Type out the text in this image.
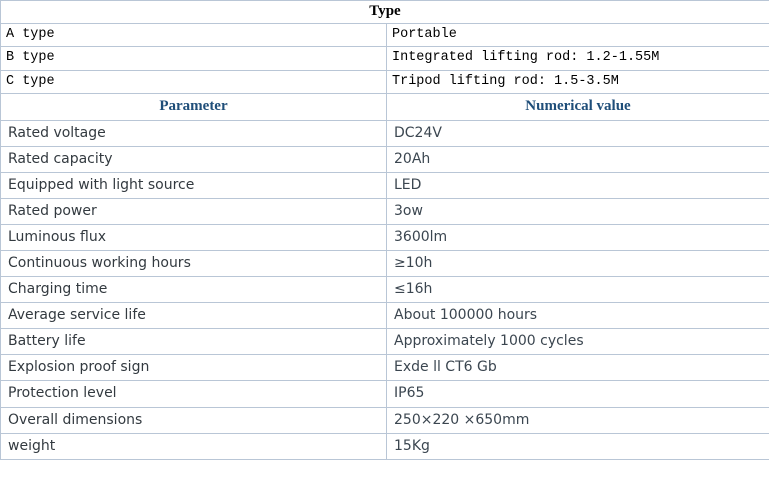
Type	

A type	Portable

B type	Integrated lifting rod: 1.2-1.55M

C type	Tripod lifting rod: 1.5-3.5M

Parameter	Numerical value

Rated voltage	DC24V

Rated capacity	20Ah

Equipped with light source	LED

Rated power	3ow

Luminous flux	3600lm

Continuous working hours	≥10h

Charging time	≤16h

Average service life	About 100000 hours

Battery life	Approximately 1000 cycles

Explosion proof sign	Exde ll CT6 Gb

Protection level	IP65

Overall dimensions	250×220 ×650mm

weight	15Kg
